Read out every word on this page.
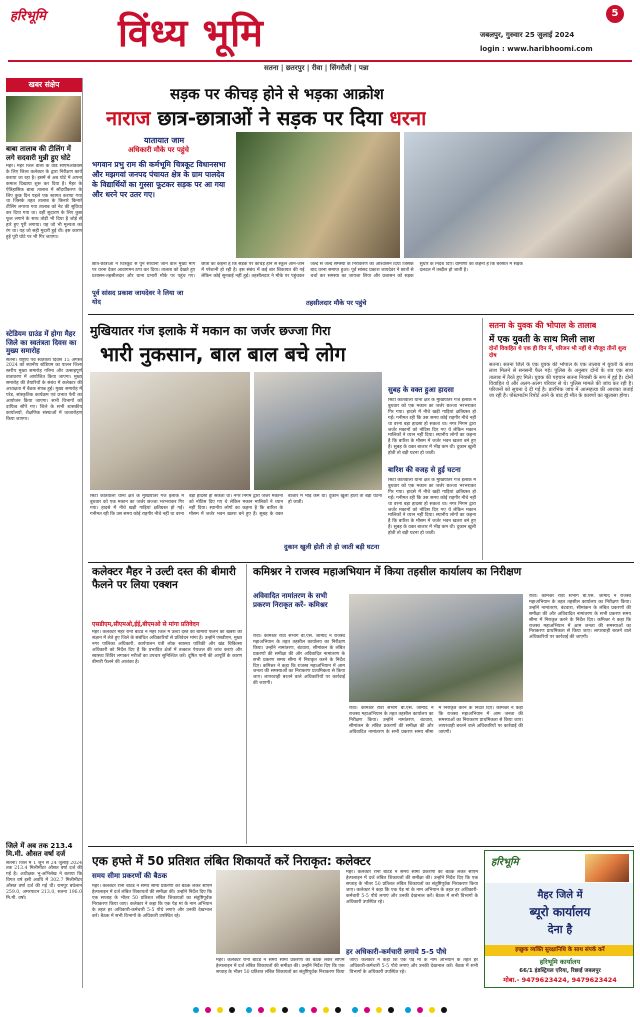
हरिभूमि विंध्य भूमि	जबलपुर, गुरुवार 25 जुलाई 2024
login : www.haribhoomi.com
5
सतना | छतरपुर | रीवा | सिंगरौली | पन्ना
खबर संक्षेप
बाबा तालाब की टीलिंग में लगे सदवारी मुन्नी हुए घोटे
मैहर। मैहर जिले वालों के वार्ड सीएमओडवस के लिए जिला कलेक्टर के द्वारा निरीक्षण कार्य कराया जा रहा है। इसमें से अब घोटे में अपना कमाल दिखाया शुरू कर दिया है। मैहर के ऐतिहासिक बाबा तालाब में सौंदर्यीकरण के लिए कुछ दिन पहले एक स्वागत कराया गया था जिसके तहत तालाब के किनारे किनारे टीलिंग लगाया गया तालाब को नेट की सुविधा कर दिया गया था। वहीं सुदारण के लिए कुछ फूल लगाने के साथ तोड़ी भी दिया है जोड़े से हारे हुए पूरी लगाया। यह जो भी मूल्यता का रंग था। यह जो सही मुदारी हुई थी। इस कारण हुई पूरी घोटे पर भी गिर जाएगा।
स्टेडियम ग्राउंड में होगा मैहर जिले का स्वतंत्रता दिवस का मुख्य समारोह
सतना। राष्ट्रीय पर्व स्वतंत्रता दिवस 15 अगस्त 2024 को स्थानीय स्टेडियम का पालन जिला स्तरीय मुख्य समारोह गरिमा और उत्साहपूर्ण वातावरण में आयोजित किया जाएगा। मुख्य समारोह की तैयारियों के संबंध में कलेक्टर की अध्यक्षता में बैठक संपन्न हुई। मुख्य समारोह में परेड, सांस्कृतिक कार्यक्रम एवं प्रभात फेरी का आयोजन किया जाएगा। सभी विभागों को दायित्व सौंपे गए। जिले के सभी शासकीय कार्यालयों, शैक्षणिक संस्थाओं में ध्वजारोहण किया जाएगा।
जिले में अब तक 213.4 मि.मी. औसत वर्षा दर्ज
सतना। जिले में 1 जून से 24 जुलाई 2024 तक 213.4 मिलीमीटर औसत वर्षा दर्ज की गई है। अधीक्षक भू-अभिलेख ने बताया कि विगत वर्ष इसी अवधि में 302.7 मिलीमीटर औसत वर्षा दर्ज की गई थी। रामपुर बघेलान 259.0, अमरपाटन 213.0, सतना 196.0 मि.मी. वर्षा।
सड़क पर कीचड़ होने से भड़का आक्रोश
नाराज छात्र-छात्राओं ने सड़क पर दिया धरना
यातायात जाम
अधिकारी मौके पर पहुंचे
भगवान प्रभु राम की कर्मभूमि चित्रकूट विधानसभा और मझगवां जनपद पंचायत क्षेत्र के ग्राम पालदेव के विद्यार्थियों का गुस्सा फूटकर सड़क पर आ गया और धरने पर उतर गए।
छात्र-छात्राओं ने चित्रकूट से पुन सीधानी जाने वाले मुख्य मार्ग पर धरना देकर आवागमन ठप्प कर दिया। तालाब को देखते हुए प्रशासन-तहसीलदार और थाना प्रभारी मौके पर पहुंच गए। छात्रों का कहना है कि सड़क पर कीचड़ होने से स्कूल आने-जाने में परेशानी हो रही है। इस संबंध में कई बार शिकायत की गई लेकिन कोई सुनवाई नहीं हुई। तहसीलदार ने मौके पर पहुंचकर जल्द से जल्द समस्या के निराकरण का आश्वासन दिया जिसके बाद धरना समाप्त हुआ। पूर्व सांसद प्रकाश जायदेवर ने छात्रों से चर्चा कर समस्या का जायजा लिया और प्रशासन को सड़क सुधार के निर्देश दिए। ग्रामीणों का कहना है कि बरसात में सड़क दलदल में तब्दील हो जाती है।
पूर्व सांसद प्रकाश जायदेवर ने लिया जा योद	तहसीलदार मौके पर पहुंचे
मुखियातर गंज इलाके में मकान का जर्जर छज्जा गिरा
भारी नुकसान, बाल बाल बचे लोग
सुबह के वक्त हुआ हादसा
सिटी कोतवाली थाना क्षेत्र के मुखियातर गंज इलाके में बुधवार को एक मकान का जर्जर छज्जा भरभराकर गिर गया। हादसे में नीचे खड़ी गाड़ियां क्षतिग्रस्त हो गईं। गनीमत रही कि उस समय कोई राहगीर नीचे नहीं था वरना बड़ा हादसा हो सकता था। नगर निगम द्वारा जर्जर मकानों को नोटिस दिए गए थे लेकिन मकान मालिकों ने ध्यान नहीं दिया। स्थानीय लोगों का कहना है कि बारिश के मौसम में जर्जर भवन खतरा बने हुए हैं। सुबह के वक्त बाजार में भीड़ कम थी। दुकान खुली होती तो बड़ी घटना हो जाती।
सिटी कोतवाली थाना क्षेत्र के मुखियातर गंज इलाके में बुधवार को एक मकान का जर्जर छज्जा भरभराकर गिर गया। हादसे में नीचे खड़ी गाड़ियां क्षतिग्रस्त हो गईं। गनीमत रही कि उस समय कोई राहगीर नीचे नहीं था वरना बड़ा हादसा हो सकता था। नगर निगम द्वारा जर्जर मकानों को नोटिस दिए गए थे लेकिन मकान मालिकों ने ध्यान नहीं दिया। स्थानीय लोगों का कहना है कि बारिश के मौसम में जर्जर भवन खतरा बने हुए हैं। सुबह के वक्त बाजार में भीड़ कम थी। दुकान खुली होती तो बड़ी घटना हो जाती।
बारिश की वजह से हुई घटना
सिटी कोतवाली थाना क्षेत्र के मुखियातर गंज इलाके में बुधवार को एक मकान का जर्जर छज्जा भरभराकर गिर गया। हादसे में नीचे खड़ी गाड़ियां क्षतिग्रस्त हो गईं। गनीमत रही कि उस समय कोई राहगीर नीचे नहीं था वरना बड़ा हादसा हो सकता था। नगर निगम द्वारा जर्जर मकानों को नोटिस दिए गए थे लेकिन मकान मालिकों ने ध्यान नहीं दिया। स्थानीय लोगों का कहना है कि बारिश के मौसम में जर्जर भवन खतरा बने हुए हैं। सुबह के वक्त बाजार में भीड़ कम थी। दुकान खुली होती तो बड़ी घटना हो जाती।
दुकान खुली होती तो हो जाती बड़ी घटना
सतना के युवक की भोपाल के तालाब
में एक युवती के साथ मिली लाश
दोनों विवाहित थे एक ही दिन में, परिजन भी नहीं थे मौजूद तीनों शुत्व दोष
सतना। सतना जिले के एक युवक की भोपाल के एक तालाब में युवती के साथ लाश मिलने से सनसनी फैल गई। पुलिस के अनुसार दोनों के शव एक साथ तालाब में तैरते हुए मिले। युवक की पहचान सतना निवासी के रूप में हुई है। दोनों विवाहित थे और अलग-अलग परिवार से थे। पुलिस मामले की जांच कर रही है। परिजनों को सूचना दे दी गई है। प्रारंभिक जांच में आत्महत्या की आशंका जताई जा रही है। पोस्टमार्टम रिपोर्ट आने के बाद ही मौत के कारणों का खुलासा होगा।
कलेक्टर मैहर ने उल्टी दस्त की बीमारी फैलने पर लिया एक्शन
एसडीएम,सीएमओ,ईई,बीएमओ से मांगा प्रतिवेदन
मैहर। कलेक्टर मैहर रानी बाटड ने मैहर जिले में उल्टी दस्त की बीमारी फैलने की खबरों को संज्ञान में लेते हुए जिले के संबंधित अधिकारियों से प्रतिवेदन मांगा है। उन्होंने एसडीएम, मुख्य नगर पालिका अधिकारी, कार्यपालन यंत्री लोक स्वास्थ्य यांत्रिकी और खंड चिकित्सा अधिकारी को निर्देश दिए हैं कि प्रभावित क्षेत्रों में तत्काल पेयजल की जांच कराएं और स्वास्थ्य शिविर लगाकर मरीजों का उपचार सुनिश्चित करें। दूषित पानी की आपूर्ति के कारण बीमारी फैलने की आशंका है।
कमिश्नर ने राजस्व महाअभियान में किया तहसील कार्यालय का निरीक्षण
अविवादित नामांतरण के सभी प्रकरण निराकृत करें- कमिश्नर
रीवा। कमिश्नर रीवा संभाग बी.एस. जामोद ने राजस्व महाअभियान के तहत तहसील कार्यालय का निरीक्षण किया। उन्होंने नामांतरण, बंटवारा, सीमांकन के लंबित प्रकरणों की समीक्षा की और अविवादित नामांतरण के सभी प्रकरण समय सीमा में निराकृत करने के निर्देश दिए। कमिश्नर ने कहा कि राजस्व महाअभियान में आम जनता की समस्याओं का निराकरण प्राथमिकता से किया जाए। लापरवाही बरतने वाले अधिकारियों पर कार्रवाई की जाएगी।
रीवा। कमिश्नर रीवा संभाग बी.एस. जामोद ने राजस्व महाअभियान के तहत तहसील कार्यालय का निरीक्षण किया। उन्होंने नामांतरण, बंटवारा, सीमांकन के लंबित प्रकरणों की समीक्षा की और अविवादित नामांतरण के सभी प्रकरण समय सीमा में निराकृत करने के निर्देश दिए। कमिश्नर ने कहा कि राजस्व महाअभियान में आम जनता की समस्याओं का निराकरण प्राथमिकता से किया जाए। लापरवाही बरतने वाले अधिकारियों पर कार्रवाई की जाएगी।
रीवा। कमिश्नर रीवा संभाग बी.एस. जामोद ने राजस्व महाअभियान के तहत तहसील कार्यालय का निरीक्षण किया। उन्होंने नामांतरण, बंटवारा, सीमांकन के लंबित प्रकरणों की समीक्षा की और अविवादित नामांतरण के सभी प्रकरण समय सीमा में निराकृत करने के निर्देश दिए। कमिश्नर ने कहा कि राजस्व महाअभियान में आम जनता की समस्याओं का निराकरण प्राथमिकता से किया जाए। लापरवाही बरतने वाले अधिकारियों पर कार्रवाई की जाएगी।
एक हफ्ते में 50 प्रतिशत लंबित शिकायतें करें निराकृत: कलेक्टर
समय सीमा प्रकरणों की बैठक
मैहर। कलेक्टर रानी बाटड ने समय सीमा प्रकरणों की बैठक लेकर सीएम हेल्पलाइन में दर्ज लंबित शिकायतों की समीक्षा की। उन्होंने निर्देश दिए कि एक सप्ताह के भीतर 50 प्रतिशत लंबित शिकायतों का संतुष्टिपूर्वक निराकरण किया जाए। कलेक्टर ने कहा कि एक पेड़ मां के नाम अभियान के तहत हर अधिकारी-कर्मचारी 5-5 पौधे लगाएं और उनकी देखभाल करें। बैठक में सभी विभागों के अधिकारी उपस्थित रहे।
मैहर। कलेक्टर रानी बाटड ने समय सीमा प्रकरणों की बैठक लेकर सीएम हेल्पलाइन में दर्ज लंबित शिकायतों की समीक्षा की। उन्होंने निर्देश दिए कि एक सप्ताह के भीतर 50 प्रतिशत लंबित शिकायतों का संतुष्टिपूर्वक निराकरण किया जाए। कलेक्टर ने कहा कि एक पेड़ मां के नाम अभियान के तहत हर अधिकारी-कर्मचारी 5-5 पौधे लगाएं और उनकी देखभाल करें। बैठक में सभी विभागों के अधिकारी उपस्थित रहे।
हर अधिकारी-कर्मचारी लगाये 5-5 पौधे
मैहर। कलेक्टर रानी बाटड ने समय सीमा प्रकरणों की बैठक लेकर सीएम हेल्पलाइन में दर्ज लंबित शिकायतों की समीक्षा की। उन्होंने निर्देश दिए कि एक सप्ताह के भीतर 50 प्रतिशत लंबित शिकायतों का संतुष्टिपूर्वक निराकरण किया जाए। कलेक्टर ने कहा कि एक पेड़ मां के नाम अभियान के तहत हर अधिकारी-कर्मचारी 5-5 पौधे लगाएं और उनकी देखभाल करें। बैठक में सभी विभागों के अधिकारी उपस्थित रहे।
हरिभूमि
मैहर जिले में
ब्यूरो कार्यालय
देना है
इच्छुक व्यक्ति सुरक्षानिधि के साथ संपर्क करें
हरिभूमि कार्यालय
66/1 इंडस्ट्रियल एरिया, रिछाई जबलपुर
मोबा.- 9479623424, 9479623424
